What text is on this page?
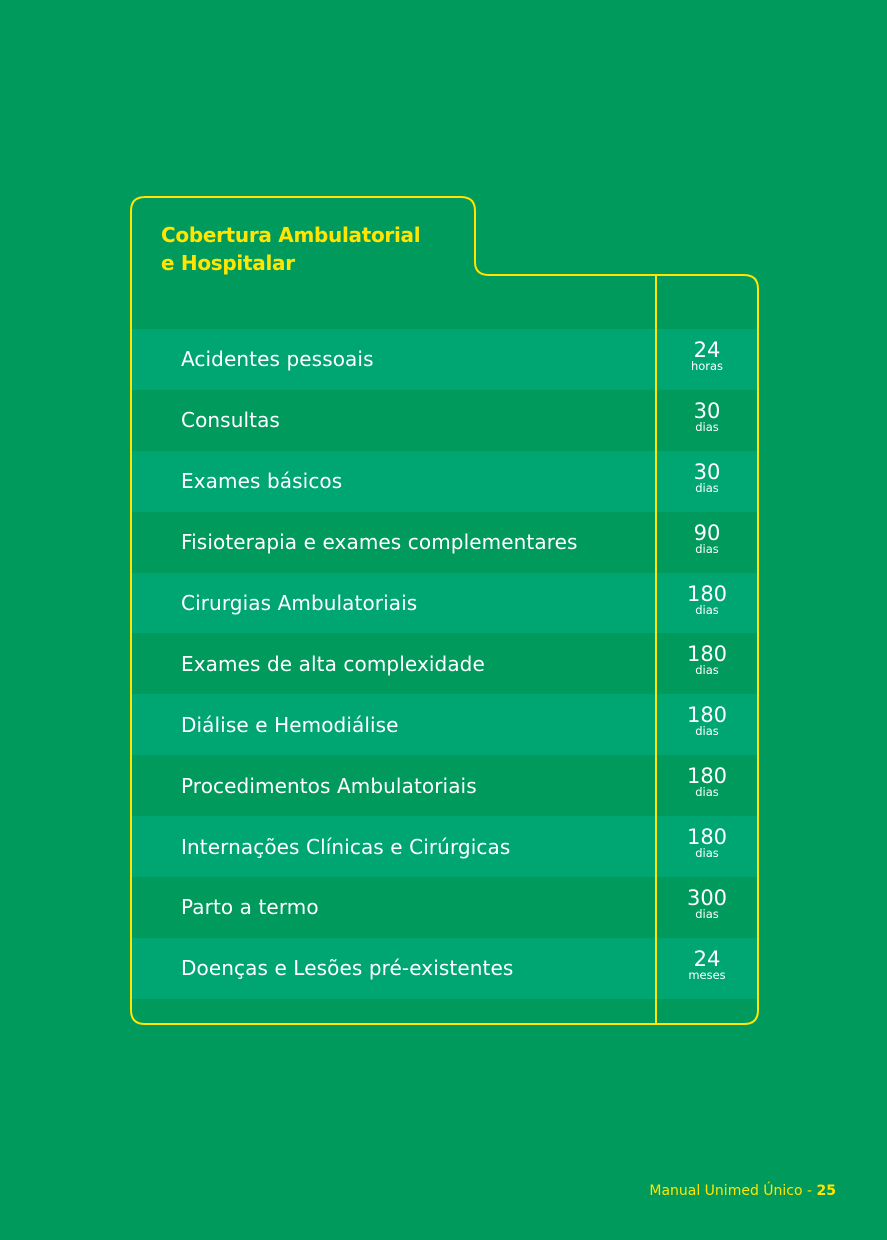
Cobertura Ambulatorial
e Hospitalar
Acidentes pessoais	24
horas
Consultas	30
dias
Exames básicos	30
dias
Fisioterapia e exames complementares	90
dias
Cirurgias Ambulatoriais	180
dias
Exames de alta complexidade	180
dias
Diálise e Hemodiálise	180
dias
Procedimentos Ambulatoriais	180
dias
Internações Clínicas e Cirúrgicas	180
dias
Parto a termo	300
dias
Doenças e Lesões pré-existentes	24
meses
Manual Unimed Único - 25
